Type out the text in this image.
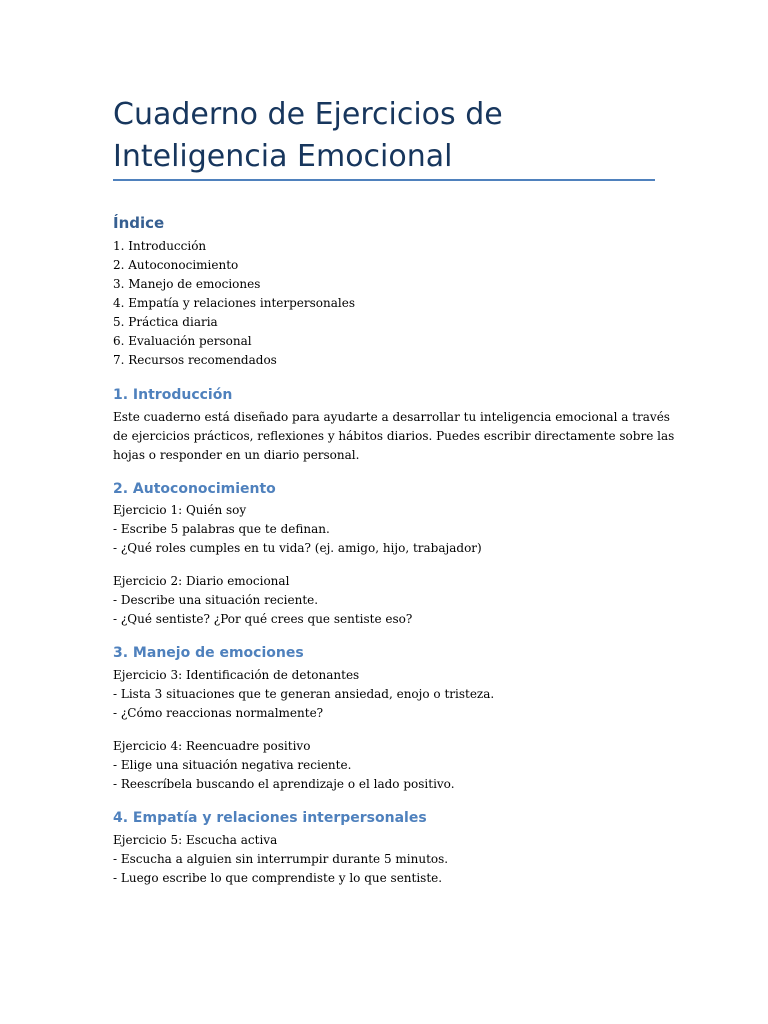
Cuaderno de Ejercicios de Inteligencia Emocional
Índice
1. Introducción
2. Autoconocimiento
3. Manejo de emociones
4. Empatía y relaciones interpersonales
5. Práctica diaria
6. Evaluación personal
7. Recursos recomendados
1. Introducción
Este cuaderno está diseñado para ayudarte a desarrollar tu inteligencia emocional a través
de ejercicios prácticos, reflexiones y hábitos diarios. Puedes escribir directamente sobre las
hojas o responder en un diario personal.
2. Autoconocimiento
Ejercicio 1: Quién soy
- Escribe 5 palabras que te definan.
- ¿Qué roles cumples en tu vida? (ej. amigo, hijo, trabajador)
Ejercicio 2: Diario emocional
- Describe una situación reciente.
- ¿Qué sentiste? ¿Por qué crees que sentiste eso?
3. Manejo de emociones
Ejercicio 3: Identificación de detonantes
- Lista 3 situaciones que te generan ansiedad, enojo o tristeza.
- ¿Cómo reaccionas normalmente?
Ejercicio 4: Reencuadre positivo
- Elige una situación negativa reciente.
- Reescríbela buscando el aprendizaje o el lado positivo.
4. Empatía y relaciones interpersonales
Ejercicio 5: Escucha activa
- Escucha a alguien sin interrumpir durante 5 minutos.
- Luego escribe lo que comprendiste y lo que sentiste.
